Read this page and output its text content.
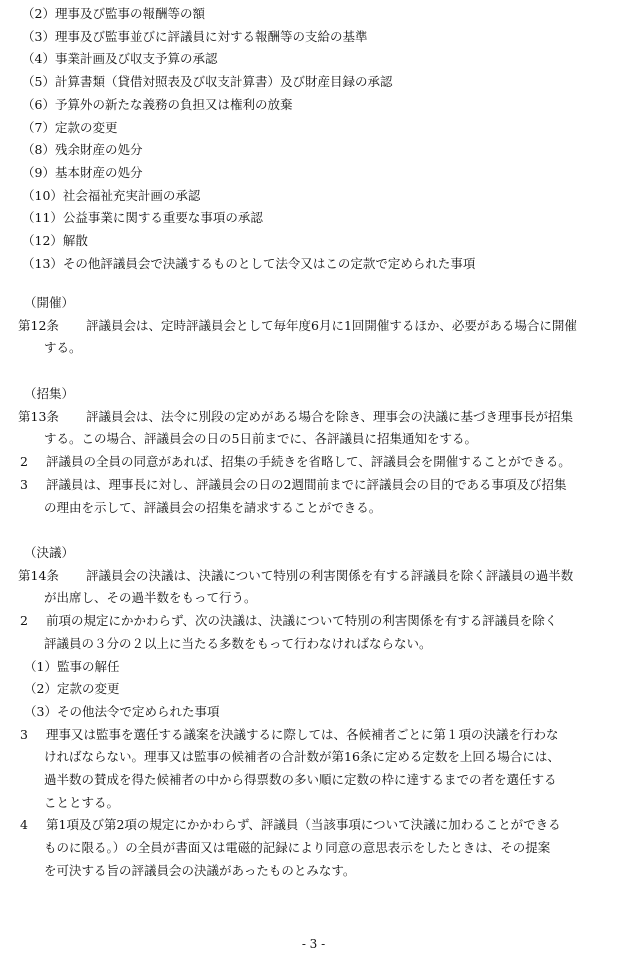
（2） 理事及び監事の報酬等の額
（3） 理事及び監事並びに評議員に対する報酬等の支給の基準
（4） 事業計画及び収支予算の承認
（5） 計算書類（貸借対照表及び収支計算書）及び財産目録の承認
（6） 予算外の新たな義務の負担又は権利の放棄
（7） 定款の変更
（8） 残余財産の処分
（9） 基本財産の処分
（10） 社会福祉充実計画の承認
（11） 公益事業に関する重要な事項の承認
（12） 解散
（13） その他評議員会で決議するものとして法令又はこの定款で定められた事項
（開催）
第12条	評議員会は、定時評議員会として毎年度6月に1回開催するほか、必要がある場合に開催
する。
（招集）
第13条	評議員会は、法令に別段の定めがある場合を除き、理事会の決議に基づき理事長が招集
する。この場合、評議員会の日の5日前までに、各評議員に招集通知をする。
2	評議員の全員の同意があれば、招集の手続きを省略して、評議員会を開催することができる。
3	評議員は、理事長に対し、評議員会の日の2週間前までに評議員会の目的である事項及び招集
の理由を示して、評議員会の招集を請求することができる。
（決議）
第14条	評議員会の決議は、決議について特別の利害関係を有する評議員を除く評議員の過半数
が出席し、その過半数をもって行う。
2	前項の規定にかかわらず、次の決議は、決議について特別の利害関係を有する評議員を除く
評議員の３分の２以上に当たる多数をもって行わなければならない。
（1）監事の解任
（2）定款の変更
（3）その他法令で定められた事項
3	理事又は監事を選任する議案を決議するに際しては、各候補者ごとに第１項の決議を行わな
ければならない。理事又は監事の候補者の合計数が第16条に定める定数を上回る場合には、
過半数の賛成を得た候補者の中から得票数の多い順に定数の枠に達するまでの者を選任する
こととする。
4	第1項及び第2項の規定にかかわらず、評議員（当該事項について決議に加わることができる
ものに限る。）の全員が書面又は電磁的記録により同意の意思表示をしたときは、その提案
を可決する旨の評議員会の決議があったものとみなす。
- 3 -
